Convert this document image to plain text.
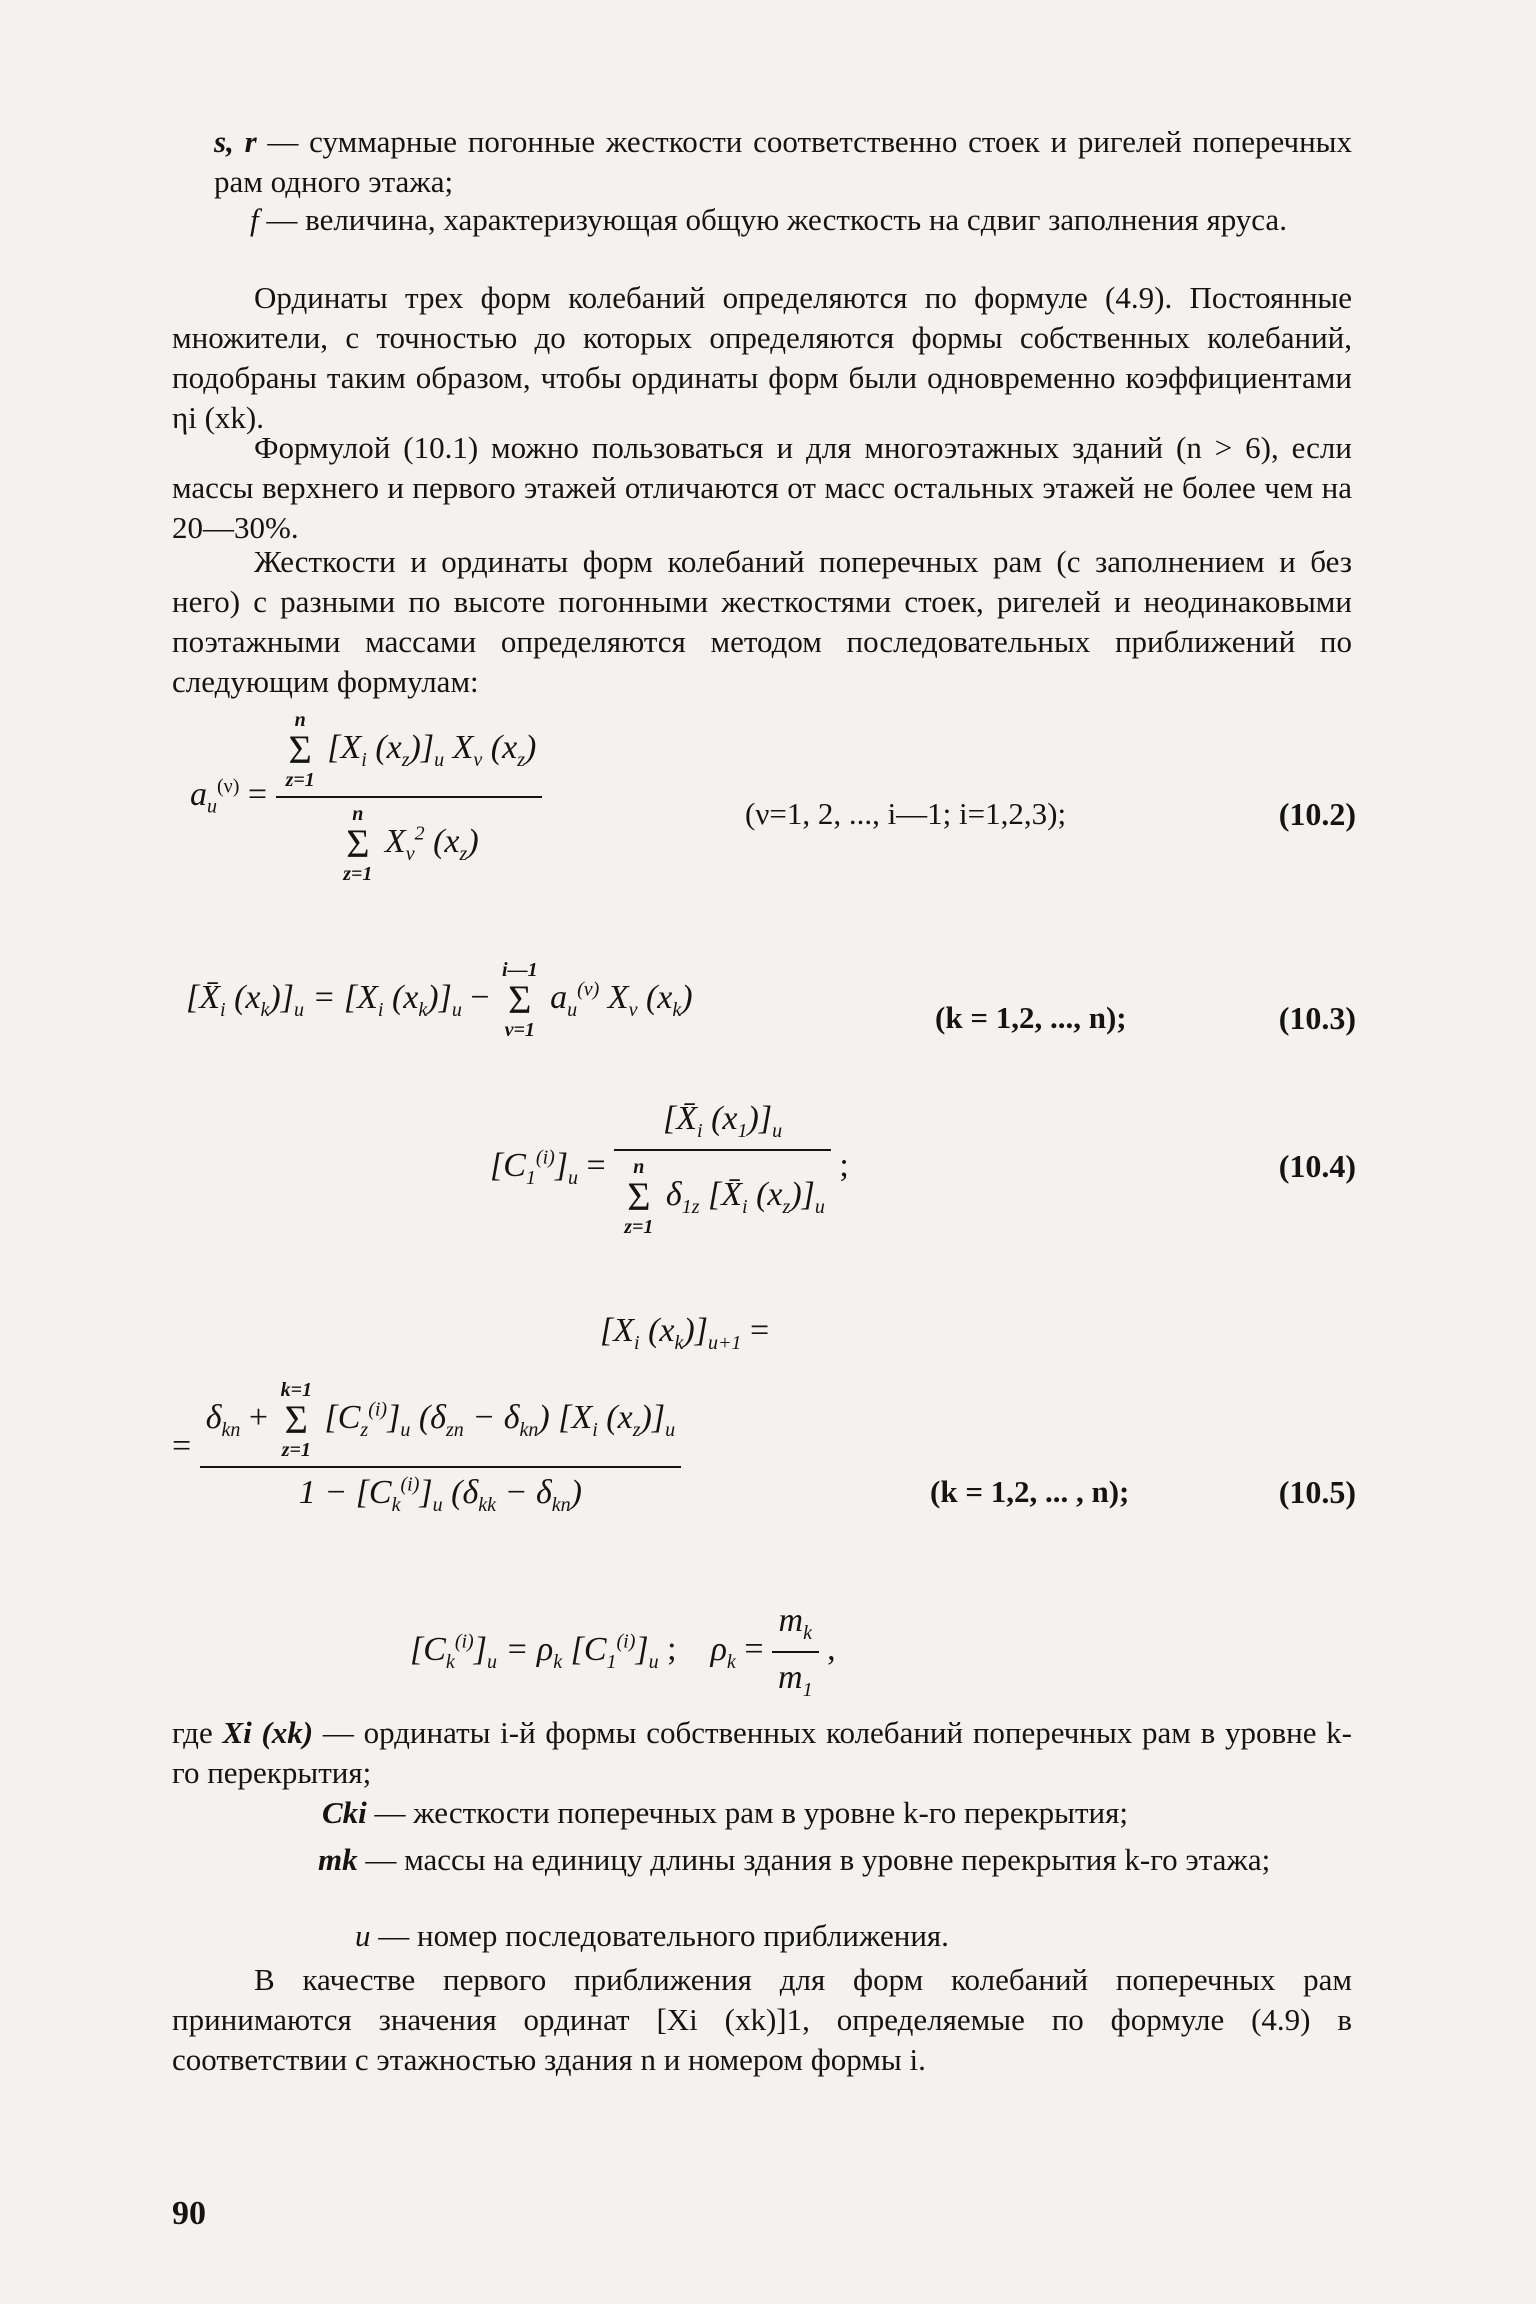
s, r — суммарные погонные жесткости соответственно стоек и ригелей поперечных рам одного этажа;
f — величина, характеризующая общую жесткость на сдвиг заполнения яруса.
Ординаты трех форм колебаний определяются по формуле (4.9). Постоянные множители, с точностью до которых определяются формы собственных колебаний, подобраны таким образом, чтобы ординаты форм были одновременно коэффициентами ηi (xk).
Формулой (10.1) можно пользоваться и для многоэтажных зданий (n > 6), если массы верхнего и первого этажей отличаются от масс остальных этажей не более чем на 20—30%.
Жесткости и ординаты форм колебаний поперечных рам (с заполнением и без него) с разными по высоте погонными жесткостями стоек, ригелей и неодинаковыми поэтажными массами определяются методом последовательных приближений по следующим формулам:
$a_u^{(\nu)} = n$
Σ
z=1
[$X_i$ $(x_z)]_u$ $X_\nu$ $(x_z)$
n
Σ
z=1
$X_\nu^2$ $(x_z)$	(ν=1, 2, ..., i—1; i=1,2,3);	(10.2)
[$X̄_i$ $(x_k)]_u = [X_i$ $(x_k)]_u$ −
i—1
Σ
ν=1
$a_u^{(\nu)}$ $X_\nu$ $(x_k)$
(k = 1,2, ..., n);	(10.3)
$[C_1^{(i)}]_u$ = [$X̄_i$ $(x_1)]_u$
n
Σ
z=1
$\delta_{1z}$ [$X̄_i$ $(x_z)]_u$ ;	(10.4)
[$X_i$ $(x_k)]_{u+1}$ =
=
$\delta_{kn}$ +
k=1
Σ
z=1
$[C_z^{(i)}]_u$ $(\delta_{zn} - \delta_{kn})$ [$X_i$ $(x_z)]_u$
$1 - [C_k^{(i)}]_u$ $(\delta_{kk} - \delta_{kn})$	(k = 1,2, ... , n);	(10.5)
$[C_k^{(i)}]_u = \rho_k$ $[C_1^{(i)}]_u$ ;    $\rho_k = \frac{m_k}{m_1}$ ,
где Xi (xk) — ординаты i-й формы собственных колебаний поперечных рам в уровне k-го перекрытия;
Cki — жесткости поперечных рам в уровне k-го перекрытия;
mk — массы на единицу длины здания в уровне перекрытия k-го этажа;
u — номер последовательного приближения.
В качестве первого приближения для форм колебаний поперечных рам принимаются значения ординат [Xi (xk)]1, определяемые по формуле (4.9) в соответствии с этажностью здания n и номером формы i.
90
